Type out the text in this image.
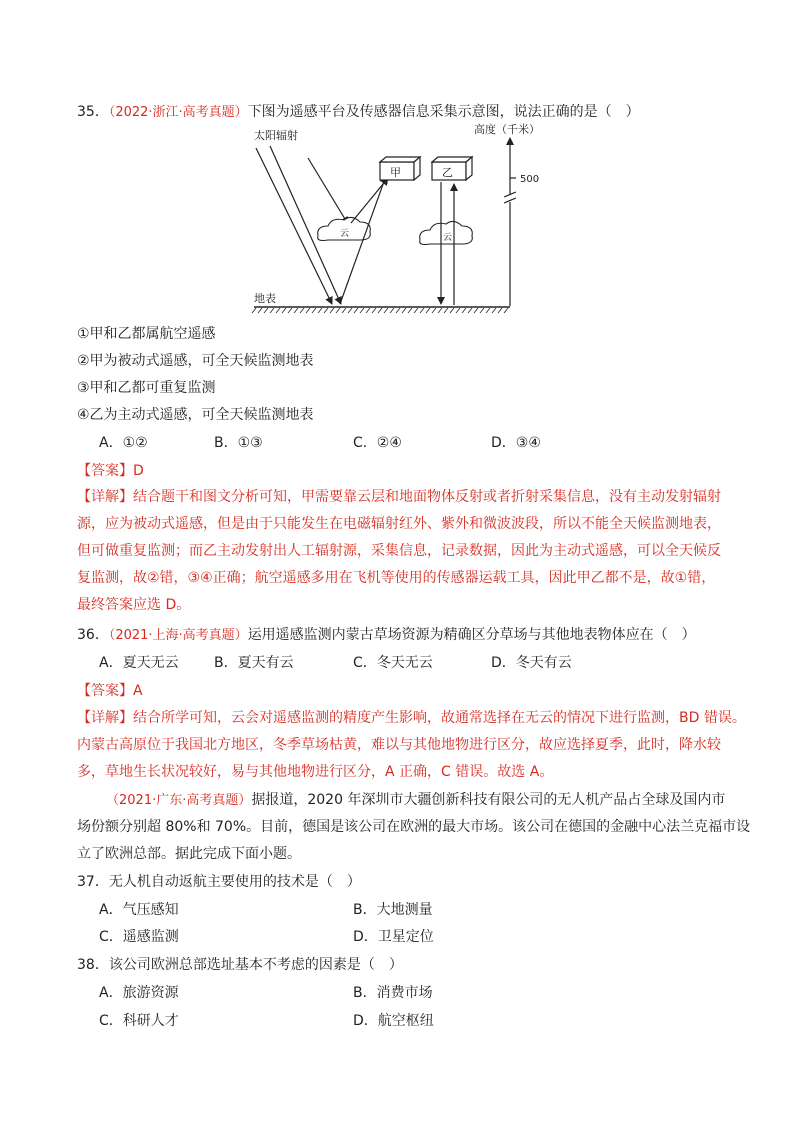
35．（2022·浙江·高考真题）下图为遥感平台及传感器信息采集示意图，说法正确的是（　）
太阳辐射	高度（千米）
500
地表
云
甲	乙
云
①甲和乙都属航空遥感
②甲为被动式遥感，可全天候监测地表
③甲和乙都可重复监测
④乙为主动式遥感，可全天候监测地表
A．①②	B．①③	C．②④	D．③④
【答案】D
【详解】结合题干和图文分析可知，甲需要靠云层和地面物体反射或者折射采集信息，没有主动发射辐射
源，应为被动式遥感，但是由于只能发生在电磁辐射红外、紫外和微波波段，所以不能全天候监测地表，
但可做重复监测；而乙主动发射出人工辐射源，采集信息，记录数据，因此为主动式遥感，可以全天候反
复监测，故②错，③④正确；航空遥感多用在飞机等使用的传感器运载工具，因此甲乙都不是，故①错，
最终答案应选 D。
36．（2021·上海·高考真题）运用遥感监测内蒙古草场资源为精确区分草场与其他地表物体应在（　）
A．夏天无云	B．夏天有云	C．冬天无云	D．冬天有云
【答案】A
【详解】结合所学可知，云会对遥感监测的精度产生影响，故通常选择在无云的情况下进行监测，BD 错误。
内蒙古高原位于我国北方地区，冬季草场枯黄，难以与其他地物进行区分，故应选择夏季，此时，降水较
多，草地生长状况较好，易与其他地物进行区分，A 正确，C 错误。故选 A。
（2021·广东·高考真题）据报道，2020 年深圳市大疆创新科技有限公司的无人机产品占全球及国内市
场份额分别超 80%和 70%。目前，德国是该公司在欧洲的最大市场。该公司在德国的金融中心法兰克福市设
立了欧洲总部。据此完成下面小题。
37．无人机自动返航主要使用的技术是（　）
A．气压感知	B．大地测量
C．遥感监测	D．卫星定位
38．该公司欧洲总部选址基本不考虑的因素是（　）
A．旅游资源	B．消费市场
C．科研人才	D．航空枢纽
